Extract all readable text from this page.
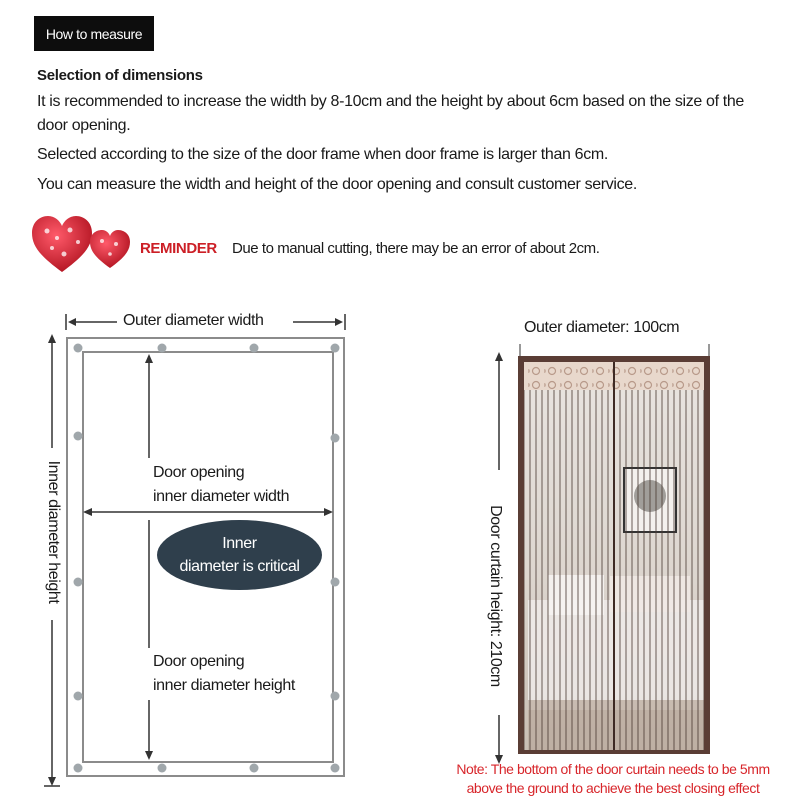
How to measure
Selection of dimensions
It is recommended to increase the width by 8-10cm and the height by about 6cm based on the size of the door opening.
Selected according to the size of the door frame when door frame is larger than 6cm.
You can measure the width and height of the door opening and consult customer service.
REMINDER Due to manual cutting, there may be an error of about 2cm.
Outer diameter width
Inner diameter height	Door opening
inner diameter width
Inner
diameter is critical
Door opening
inner diameter height
Outer diameter: 100cm
Door curtain height: 210cm
Note: The bottom of the door curtain needs to be 5mm
above the ground to achieve the best closing effect
